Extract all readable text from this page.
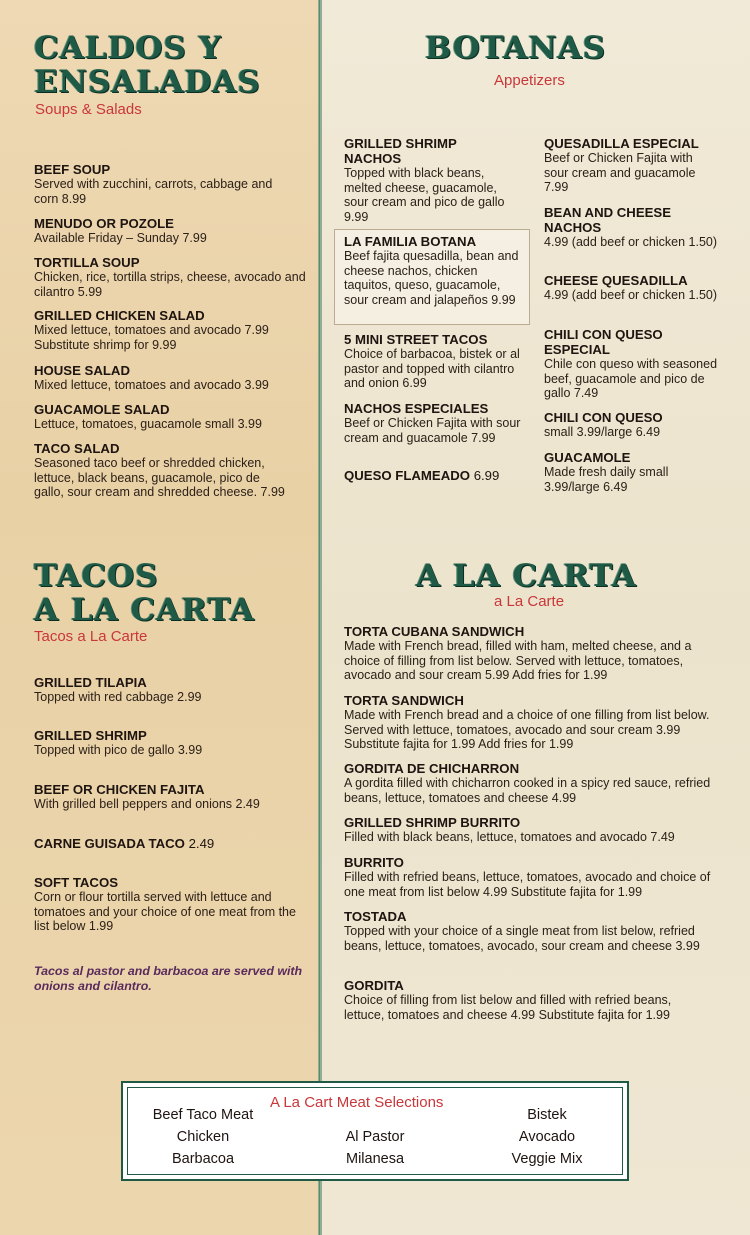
CALDOS Y
ENSALADAS
Soups & Salads
BEEF SOUP
Served with zucchini, carrots, cabbage and corn 8.99
MENUDO OR POZOLE
Available Friday – Sunday 7.99
TORTILLA SOUP
Chicken, rice, tortilla strips, cheese, avocado and cilantro 5.99
GRILLED CHICKEN SALAD
Mixed lettuce, tomatoes and avocado 7.99 Substitute shrimp for 9.99
HOUSE SALAD
Mixed lettuce, tomatoes and avocado 3.99
GUACAMOLE SALAD
Lettuce, tomatoes, guacamole small 3.99
TACO SALAD
Seasoned taco beef or shredded chicken, lettuce, black beans, guacamole, pico de gallo, sour cream and shredded cheese. 7.99
BOTANAS
Appetizers
GRILLED SHRIMP NACHOS
Topped with black beans, melted cheese, guacamole, sour cream and pico de gallo 9.99
LA FAMILIA BOTANA
Beef fajita quesadilla, bean and cheese nachos, chicken taquitos, queso, guacamole, sour cream and jalapeños 9.99
5 MINI STREET TACOS
Choice of barbacoa, bistek or al pastor and topped with cilantro and onion 6.99
NACHOS ESPECIALES
Beef or Chicken Fajita with sour cream and guacamole 7.99
QUESO FLAMEADO 6.99
QUESADILLA ESPECIAL
Beef or Chicken Fajita with sour cream and guacamole 7.99
BEAN AND CHEESE NACHOS
4.99 (add beef or chicken 1.50)
CHEESE QUESADILLA
4.99 (add beef or chicken 1.50)
CHILI CON QUESO ESPECIAL
Chile con queso with seasoned beef, guacamole and pico de gallo 7.49
CHILI CON QUESO
small 3.99/large 6.49
GUACAMOLE
Made fresh daily small 3.99/large 6.49
TACOS
A LA CARTA
Tacos a La Carte
GRILLED TILAPIA
Topped with red cabbage 2.99
GRILLED SHRIMP
Topped with pico de gallo 3.99
BEEF OR CHICKEN FAJITA
With grilled bell peppers and onions 2.49
CARNE GUISADA TACO 2.49
SOFT TACOS
Corn or flour tortilla served with lettuce and tomatoes and your choice of one meat from the list below 1.99
Tacos al pastor and barbacoa are served with onions and cilantro.
A LA CARTA
a La Carte
TORTA CUBANA SANDWICH
Made with French bread, filled with ham, melted cheese, and a choice of filling from list below. Served with lettuce, tomatoes, avocado and sour cream 5.99 Add fries for 1.99
TORTA SANDWICH
Made with French bread and a choice of one filling from list below. Served with lettuce, tomatoes, avocado and sour cream 3.99 Substitute fajita for 1.99 Add fries for 1.99
GORDITA DE CHICHARRON
A gordita filled with chicharron cooked in a spicy red sauce, refried beans, lettuce, tomatoes and cheese 4.99
GRILLED SHRIMP BURRITO
Filled with black beans, lettuce, tomatoes and avocado 7.49
BURRITO
Filled with refried beans, lettuce, tomatoes, avocado and choice of one meat from list below 4.99 Substitute fajita for 1.99
TOSTADA
Topped with your choice of a single meat from list below, refried beans, lettuce, tomatoes, avocado, sour cream and cheese 3.99
GORDITA
Choice of filling from list below and filled with refried beans, lettuce, tomatoes and cheese 4.99 Substitute fajita for 1.99
A La Cart Meat Selections
Beef Taco Meat
Chicken
Barbacoa
Al Pastor
Milanesa
Bistek
Avocado
Veggie Mix
